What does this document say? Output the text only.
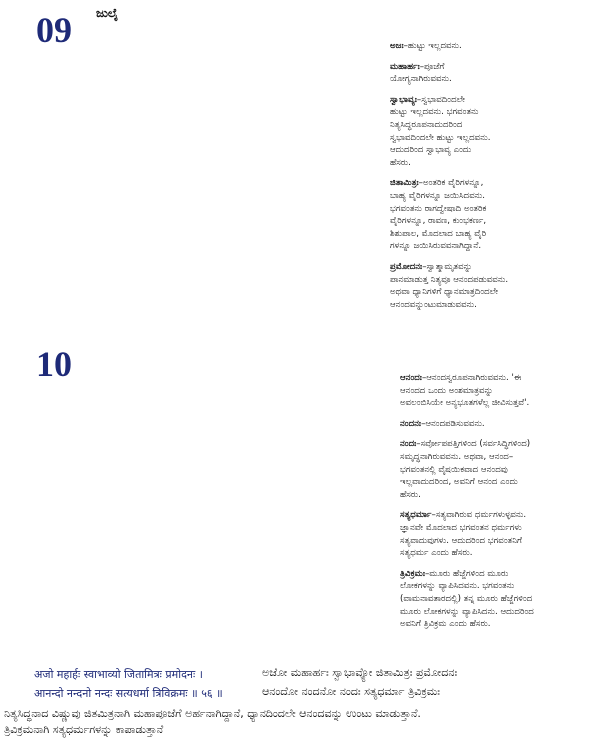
09 ಜುಲೈ
10
ಅಜಃ–ಹುಟ್ಟು ಇಲ್ಲದವನು.
ಮಹಾರ್ಹಃ–ಪೂಜೆಗೆ
ಯೋಗ್ಯನಾಗಿರುವವನು.
ಸ್ವಾಭಾವ್ಯಃ–ಸ್ವಭಾವದಿಂದಲೇ
ಹುಟ್ಟು ಇಲ್ಲದವನು. ಭಗವಂತನು
ನಿತ್ಯಸಿದ್ಧರೂಪನಾದುದರಿಂದ
ಸ್ವಭಾವದಿಂದಲೇ ಹುಟ್ಟು ಇಲ್ಲದವನು.
ಆದುದರಿಂದ ಸ್ವಾಭಾವ್ಯ ಎಂದು
ಹೆಸರು.
ಜಿತಾಮಿತ್ರಃ–ಅಂತರಿಕ ವೈರಿಗಳನ್ನೂ,
ಬಾಹ್ಯ ವೈರಿಗಳನ್ನೂ ಜಯಿಸಿದವನು.
ಭಗವಂತನು ರಾಗದ್ವೇಷಾದಿ ಅಂತರಿಕ
ವೈರಿಗಳನ್ನೂ, ರಾವಣ, ಕುಂಭಕರ್ಣ,
ಶಿಶುಪಾಲ, ಮೊದಲಾದ ಬಾಹ್ಯ ವೈರಿ
ಗಳನ್ನೂ ಜಯಿಸಿರುವವನಾಗಿದ್ದಾನೆ.
ಪ್ರಮೋದನಃ–ಸ್ವಾತ್ಮಾಮೃತವನ್ನು
ಪಾನಮಾಡುತ್ತ ನಿತ್ಯವೂ ಆನಂದಪಡುವವನು.
ಅಥವಾ ಧ್ಯಾನಿಗಳಿಗೆ ಧ್ಯಾನಮಾತ್ರದಿಂದಲೇ
ಆನಂದವನ್ನುಂಟುಮಾಡುವವನು.
ಆನಂದಃ–ಆನಂದಸ್ವರೂಪನಾಗಿರುವವನು. 'ಈ
ಆನಂದದ ಒಂದು ಅಂಶಮಾತ್ರವನ್ನು
ಅವಲಂಬಿಸಿಯೇ ಅನ್ಯಭೂತಗಳೆಲ್ಲ ಜೀವಿಸುತ್ತವೆ'.
ನಂದನಃ–ಆನಂದಪಡಿಸುವವನು.
ನಂದಃ–ಸರ್ವೋಪಪತ್ತಿಗಳಿಂದ (ಸರ್ವಸಿದ್ಧಿಗಳಿಂದ)
ಸಮೃದ್ಧನಾಗಿರುವವನು. ಅಥವಾ, ಆನಂದ–
ಭಗವಂತನಲ್ಲಿ ವೈಷಯಿಕವಾದ ಆನಂದವು
ಇಲ್ಲವಾದುದರಿಂದ, ಅವನಿಗೆ ಆನಂದ ಎಂದು
ಹೆಸರು.
ಸತ್ಯಧರ್ಮಾ–ಸತ್ಯವಾಗಿರುವ ಧರ್ಮಗಳುಳ್ಳವನು.
ಜ್ಞಾನವೇ ಮೊದಲಾದ ಭಗವಂತನ ಧರ್ಮಗಳು
ಸತ್ಯವಾದುವುಗಳು. ಆದುದರಿಂದ ಭಗವಂತನಿಗೆ
ಸತ್ಯಧರ್ಮ ಎಂದು ಹೆಸರು.
ತ್ರಿವಿಕ್ರಮಃ–ಮೂರು ಹೆಜ್ಜೆಗಳಿಂದ ಮೂರು
ಲೋಕಗಳನ್ನು ವ್ಯಾಪಿಸಿದವನು. ಭಗವಂತನು
(ವಾಮನಾವತಾರದಲ್ಲಿ) ತನ್ನ ಮೂರು ಹೆಜ್ಜೆಗಳಿಂದ
ಮೂರು ಲೋಕಗಳನ್ನು ವ್ಯಾಪಿಸಿದನು. ಆದುದರಿಂದ
ಅವನಿಗೆ ತ್ರಿವಿಕ್ರಮ ಎಂದು ಹೆಸರು.
अजो महार्हः स्वाभाव्यो जितामित्रः प्रमोदनः ।	ಅಜೋ ಮಹಾರ್ಹಃ ಸ್ವಾಭಾವ್ಯೋ ಜಿತಾಮಿತ್ರಃ ಪ್ರಮೋದನಃ
आनन्दो नन्दनो नन्दः सत्यधर्मा त्रिविक्रमः ॥ ५६ ॥	ಆನಂದೋ ನಂದನೋ ನಂದಃ ಸತ್ಯಧರ್ಮಾ ತ್ರಿವಿಕ್ರಮಃ
ನಿತ್ಯಸಿದ್ಧನಾದ ವಿಷ್ಣುವು ಜಿತಮಿತ್ರನಾಗಿ ಮಹಾಪೂಜೆಗೆ ಅರ್ಹನಾಗಿದ್ದಾನೆ, ಧ್ಯಾನದಿಂದಲೇ ಆನಂದವನ್ನು ಉಂಟು ಮಾಡುತ್ತಾನೆ.
ತ್ರಿವಿಕ್ರಮನಾಗಿ ಸತ್ಯಧರ್ಮಗಳನ್ನು ಕಾಪಾಡುತ್ತಾನೆ
